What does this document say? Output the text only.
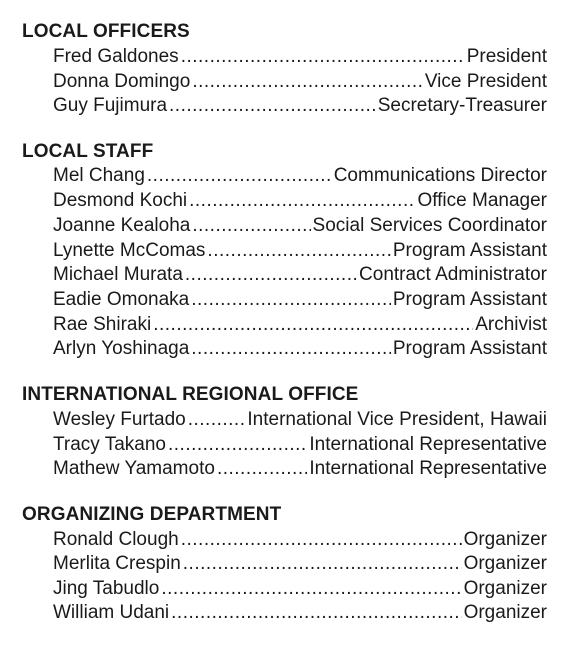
LOCAL OFFICERS
Fred Galdones .....	President
Donna Domingo .....	Vice President
Guy Fujimura .....	Secretary-Treasurer
LOCAL STAFF
Mel Chang .....	Communications Director
Desmond Kochi .....	Office Manager
Joanne Kealoha .....	Social Services Coordinator
Lynette McComas .....	Program Assistant
Michael Murata .....	Contract Administrator
Eadie Omonaka .....	Program Assistant
Rae Shiraki .....	Archivist
Arlyn Yoshinaga .....	Program Assistant
INTERNATIONAL REGIONAL OFFICE
Wesley Furtado .....	International Vice President, Hawaii
Tracy Takano .....	International Representative
Mathew Yamamoto .....	International Representative
ORGANIZING DEPARTMENT
Ronald Clough .....	Organizer
Merlita Crespin .....	Organizer
Jing Tabudlo .....	Organizer
William Udani .....	Organizer
